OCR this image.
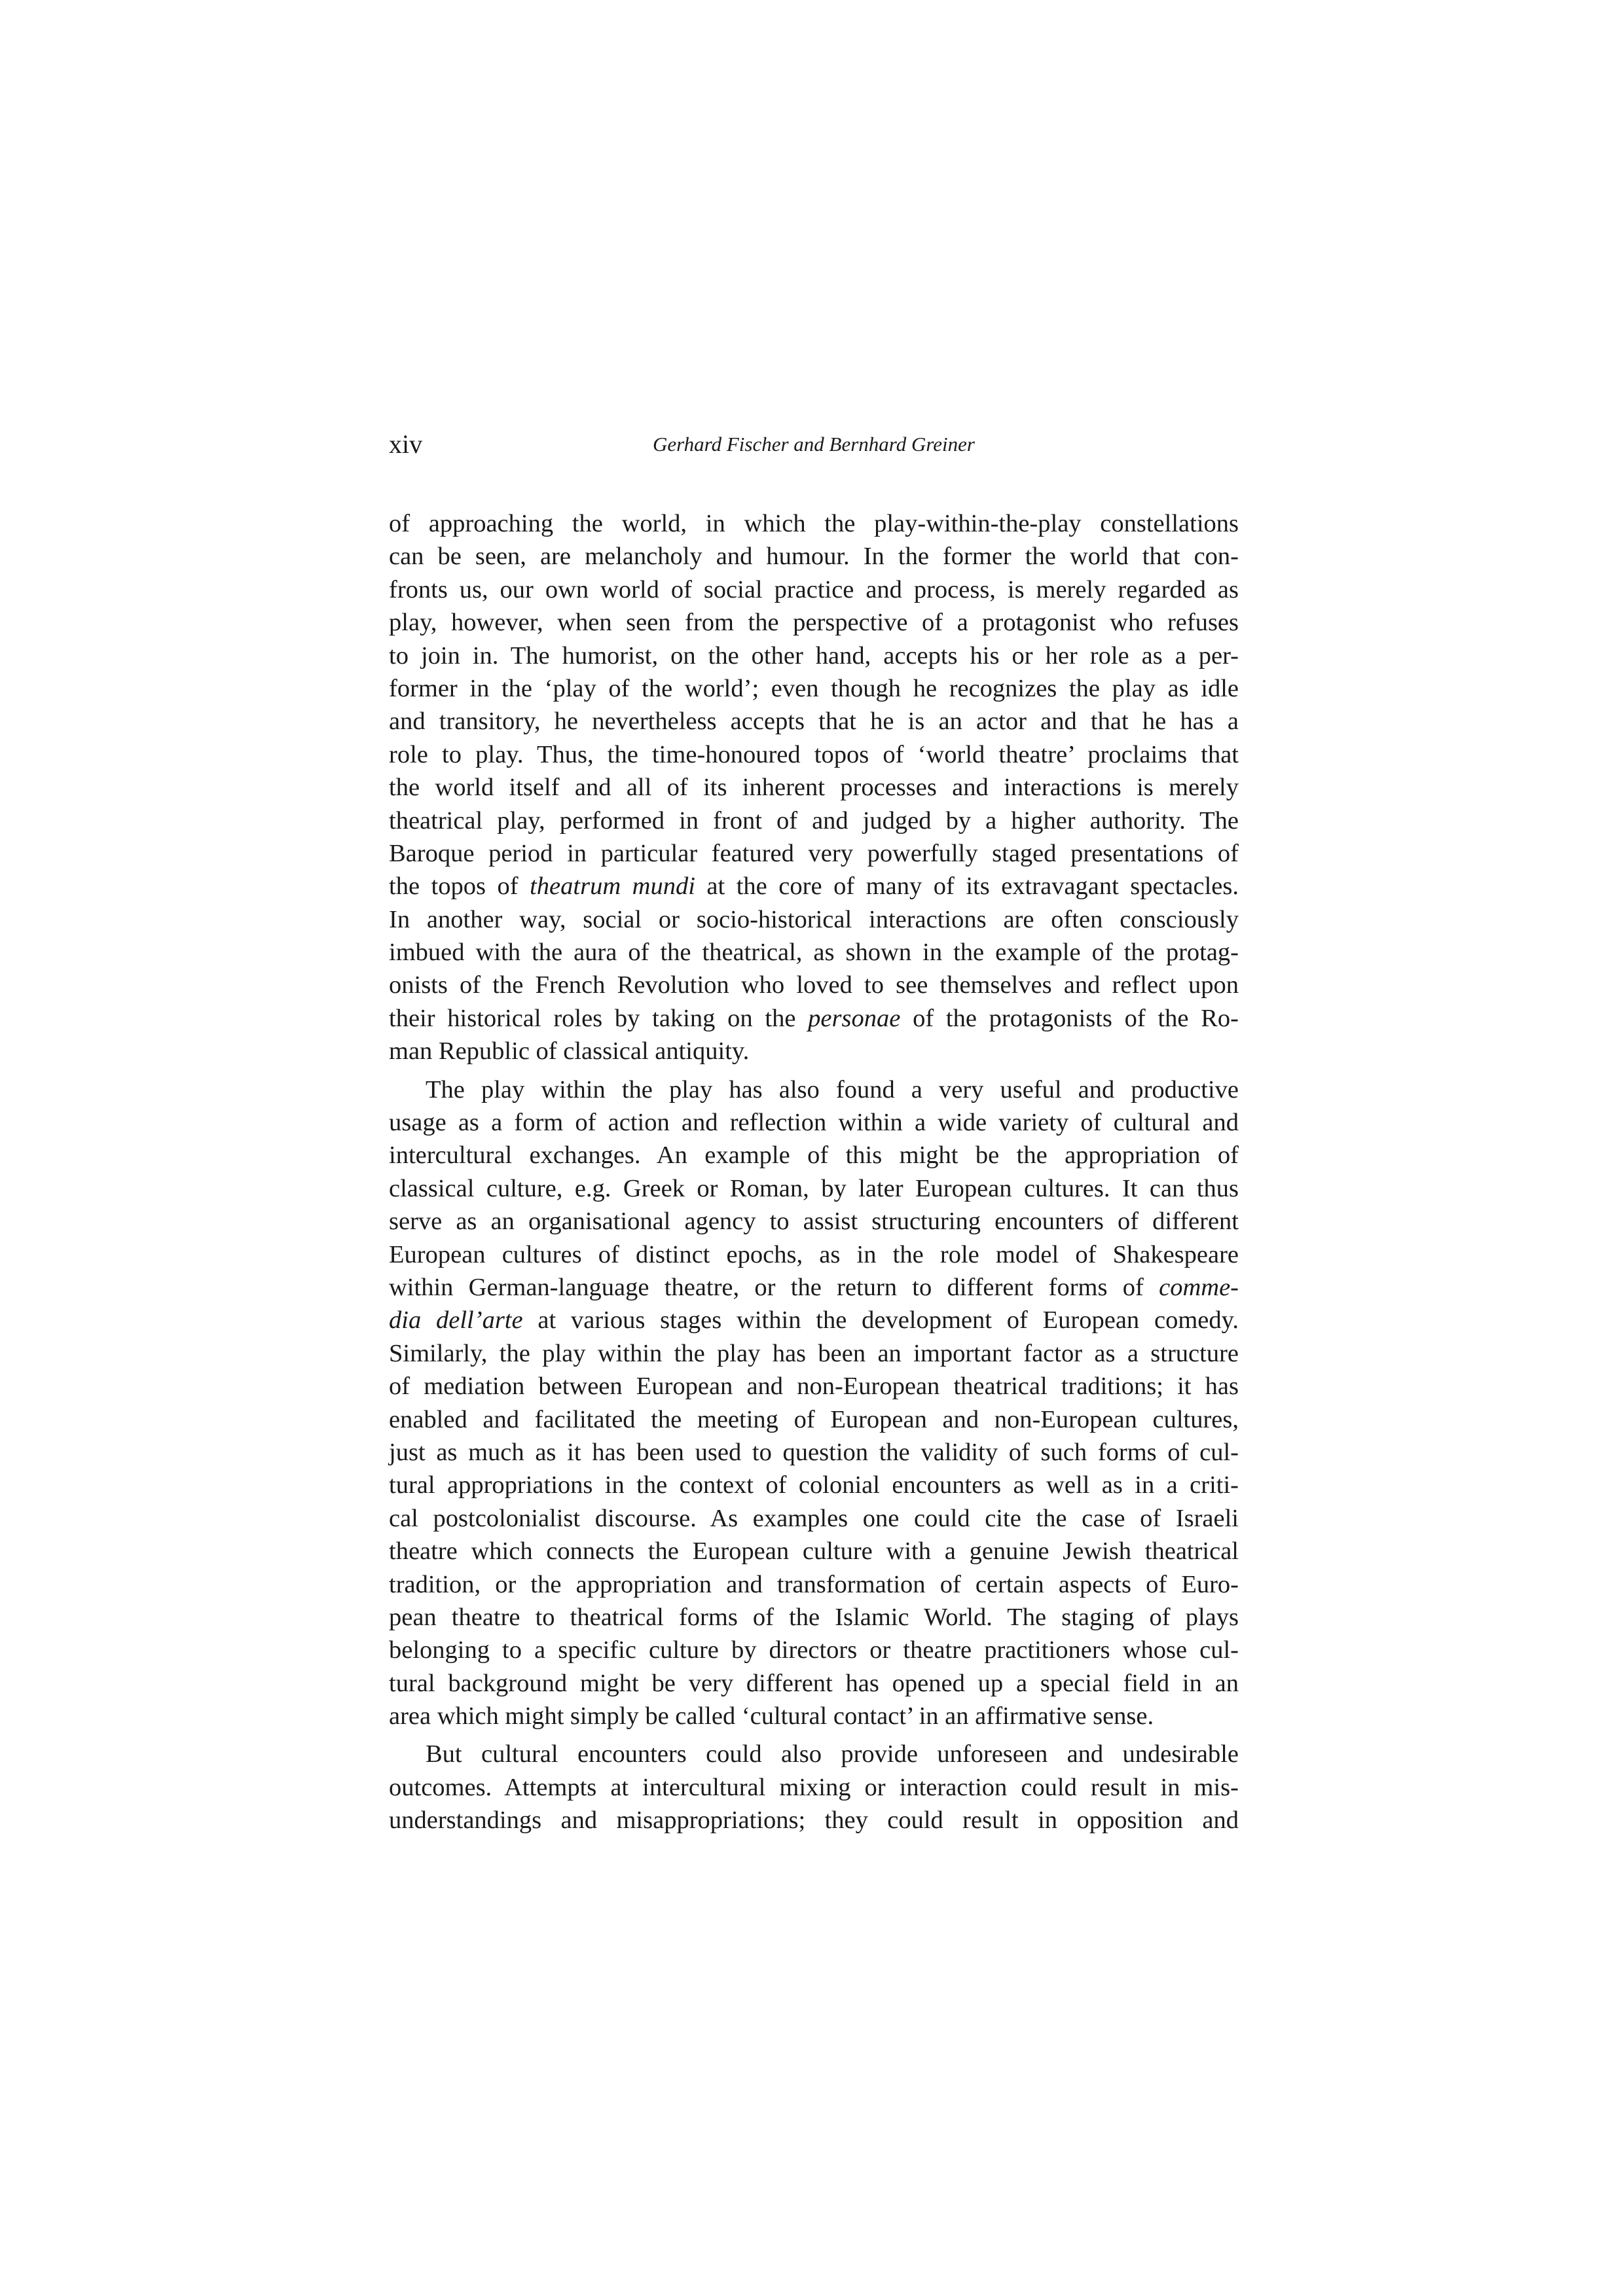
xiv	Gerhard Fischer and Bernhard Greiner
of approaching the world, in which the play-within-the-play constellations
can be seen, are melancholy and humour. In the former the world that con-
fronts us, our own world of social practice and process, is merely regarded as
play, however, when seen from the perspective of a protagonist who refuses
to join in. The humorist, on the other hand, accepts his or her role as a per-
former in the ‘play of the world’; even though he recognizes the play as idle
and transitory, he nevertheless accepts that he is an actor and that he has a
role to play. Thus, the time-honoured topos of ‘world theatre’ proclaims that
the world itself and all of its inherent processes and interactions is merely
theatrical play, performed in front of and judged by a higher authority. The
Baroque period in particular featured very powerfully staged presentations of
the topos of theatrum mundi at the core of many of its extravagant spectacles.
In another way, social or socio-historical interactions are often consciously
imbued with the aura of the theatrical, as shown in the example of the protag-
onists of the French Revolution who loved to see themselves and reflect upon
their historical roles by taking on the personae of the protagonists of the Ro-
man Republic of classical antiquity.
The play within the play has also found a very useful and productive
usage as a form of action and reflection within a wide variety of cultural and
intercultural exchanges. An example of this might be the appropriation of
classical culture, e.g. Greek or Roman, by later European cultures. It can thus
serve as an organisational agency to assist structuring encounters of different
European cultures of distinct epochs, as in the role model of Shakespeare
within German-language theatre, or the return to different forms of comme-
dia dell’arte at various stages within the development of European comedy.
Similarly, the play within the play has been an important factor as a structure
of mediation between European and non-European theatrical traditions; it has
enabled and facilitated the meeting of European and non-European cultures,
just as much as it has been used to question the validity of such forms of cul-
tural appropriations in the context of colonial encounters as well as in a criti-
cal postcolonialist discourse. As examples one could cite the case of Israeli
theatre which connects the European culture with a genuine Jewish theatrical
tradition, or the appropriation and transformation of certain aspects of Euro-
pean theatre to theatrical forms of the Islamic World. The staging of plays
belonging to a specific culture by directors or theatre practitioners whose cul-
tural background might be very different has opened up a special field in an
area which might simply be called ‘cultural contact’ in an affirmative sense.
But cultural encounters could also provide unforeseen and undesirable
outcomes. Attempts at intercultural mixing or interaction could result in mis-
understandings and misappropriations; they could result in opposition and
